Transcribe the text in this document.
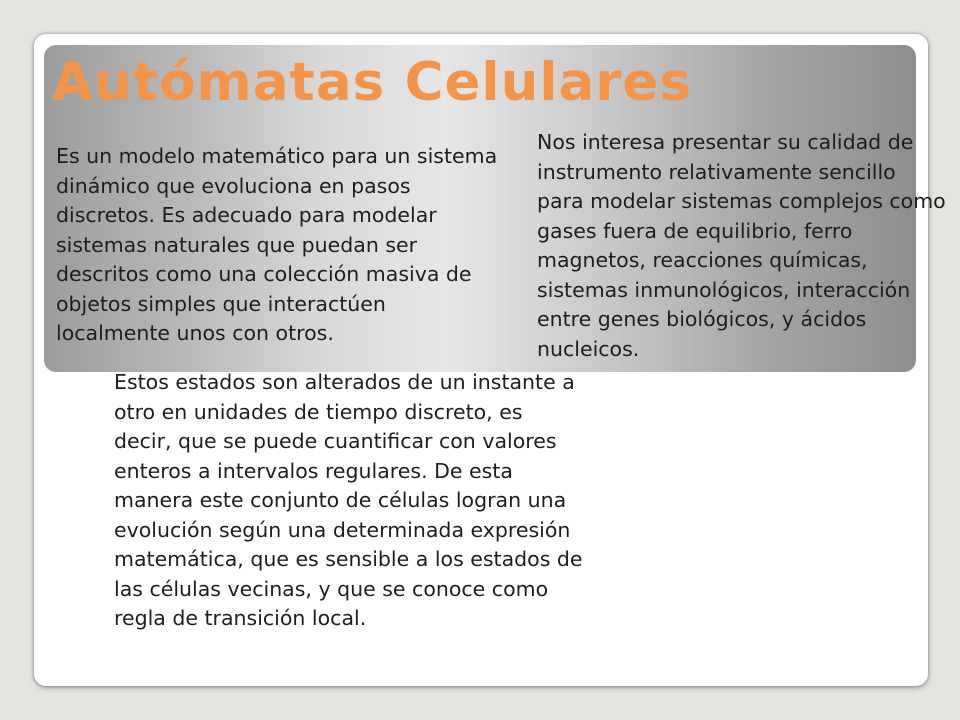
Autómatas Celulares

Es un modelo matemático para un sistema dinámico que evoluciona en pasos discretos. Es adecuado para modelar sistemas naturales que puedan ser descritos como una colección masiva de objetos simples que interactúen localmente unos con otros.

Nos interesa presentar su calidad de instrumento relativamente sencillo para modelar sistemas complejos como gases fuera de equilibrio, ferro magnetos, reacciones químicas, sistemas inmunológicos, interacción entre genes biológicos, y ácidos nucleicos.

Estos estados son alterados de un instante a otro en unidades de tiempo discreto, es decir, que se puede cuantificar con valores enteros a intervalos regulares. De esta manera este conjunto de células logran una evolución según una determinada expresión matemática, que es sensible a los estados de las células vecinas, y que se conoce como regla de transición local.
